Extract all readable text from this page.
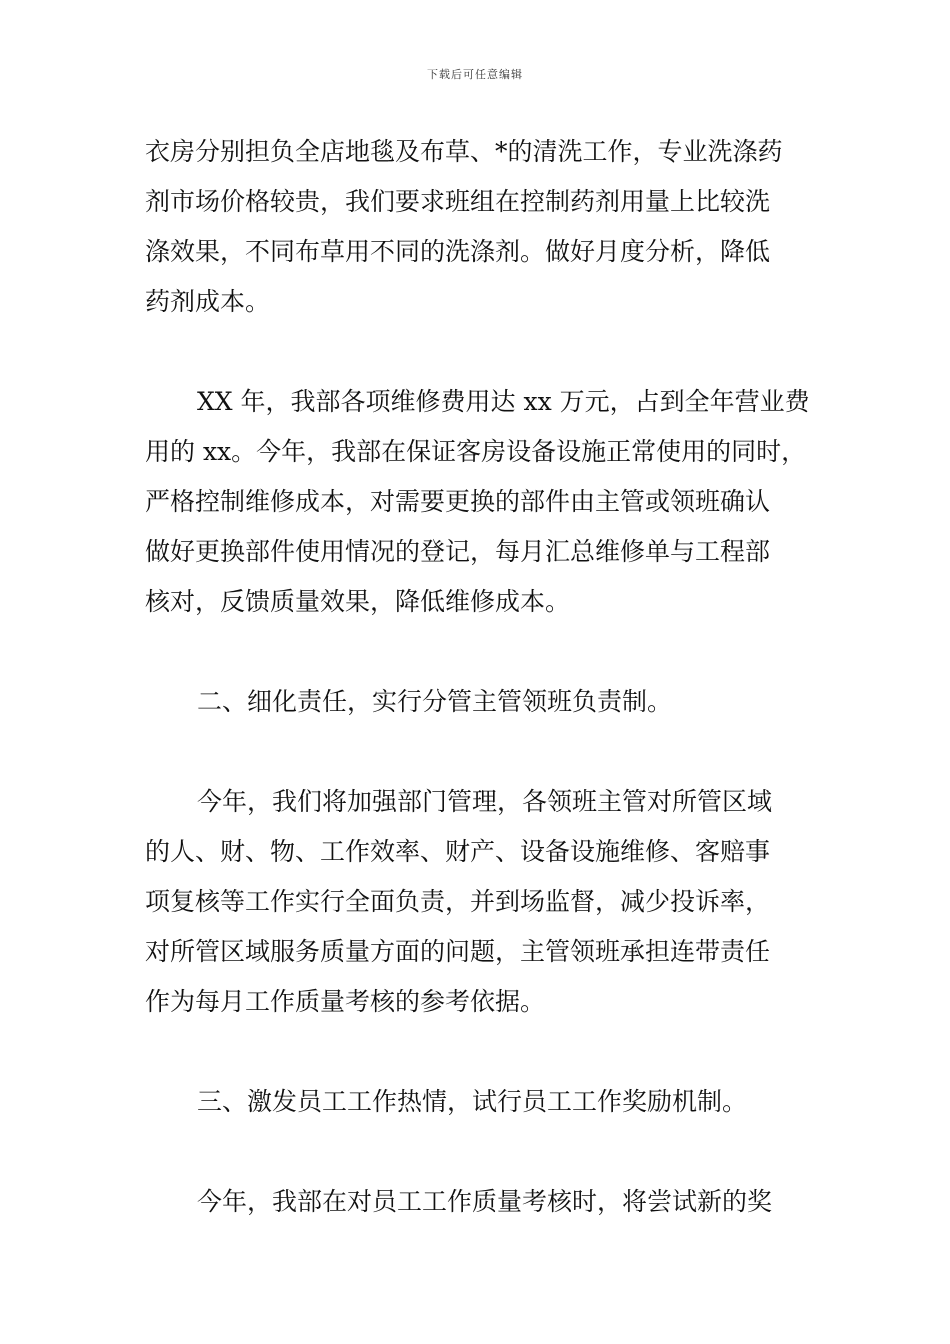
下载后可任意编辑
衣房分别担负全店地毯及布草、*的清洗工作，专业洗涤药
剂市场价格较贵，我们要求班组在控制药剂用量上比较洗
涤效果，不同布草用不同的洗涤剂。做好月度分析，降低
药剂成本。
XX 年，我部各项维修费用达 xx 万元，占到全年营业费
用的 xx。今年，我部在保证客房设备设施正常使用的同时，
严格控制维修成本，对需要更换的部件由主管或领班确认
做好更换部件使用情况的登记，每月汇总维修单与工程部
核对，反馈质量效果，降低维修成本。
二、细化责任，实行分管主管领班负责制。
今年，我们将加强部门管理，各领班主管对所管区域
的人、财、物、工作效率、财产、设备设施维修、客赔事
项复核等工作实行全面负责，并到场监督，减少投诉率，
对所管区域服务质量方面的问题，主管领班承担连带责任
作为每月工作质量考核的参考依据。
三、激发员工工作热情，试行员工工作奖励机制。
今年，我部在对员工工作质量考核时，将尝试新的奖
